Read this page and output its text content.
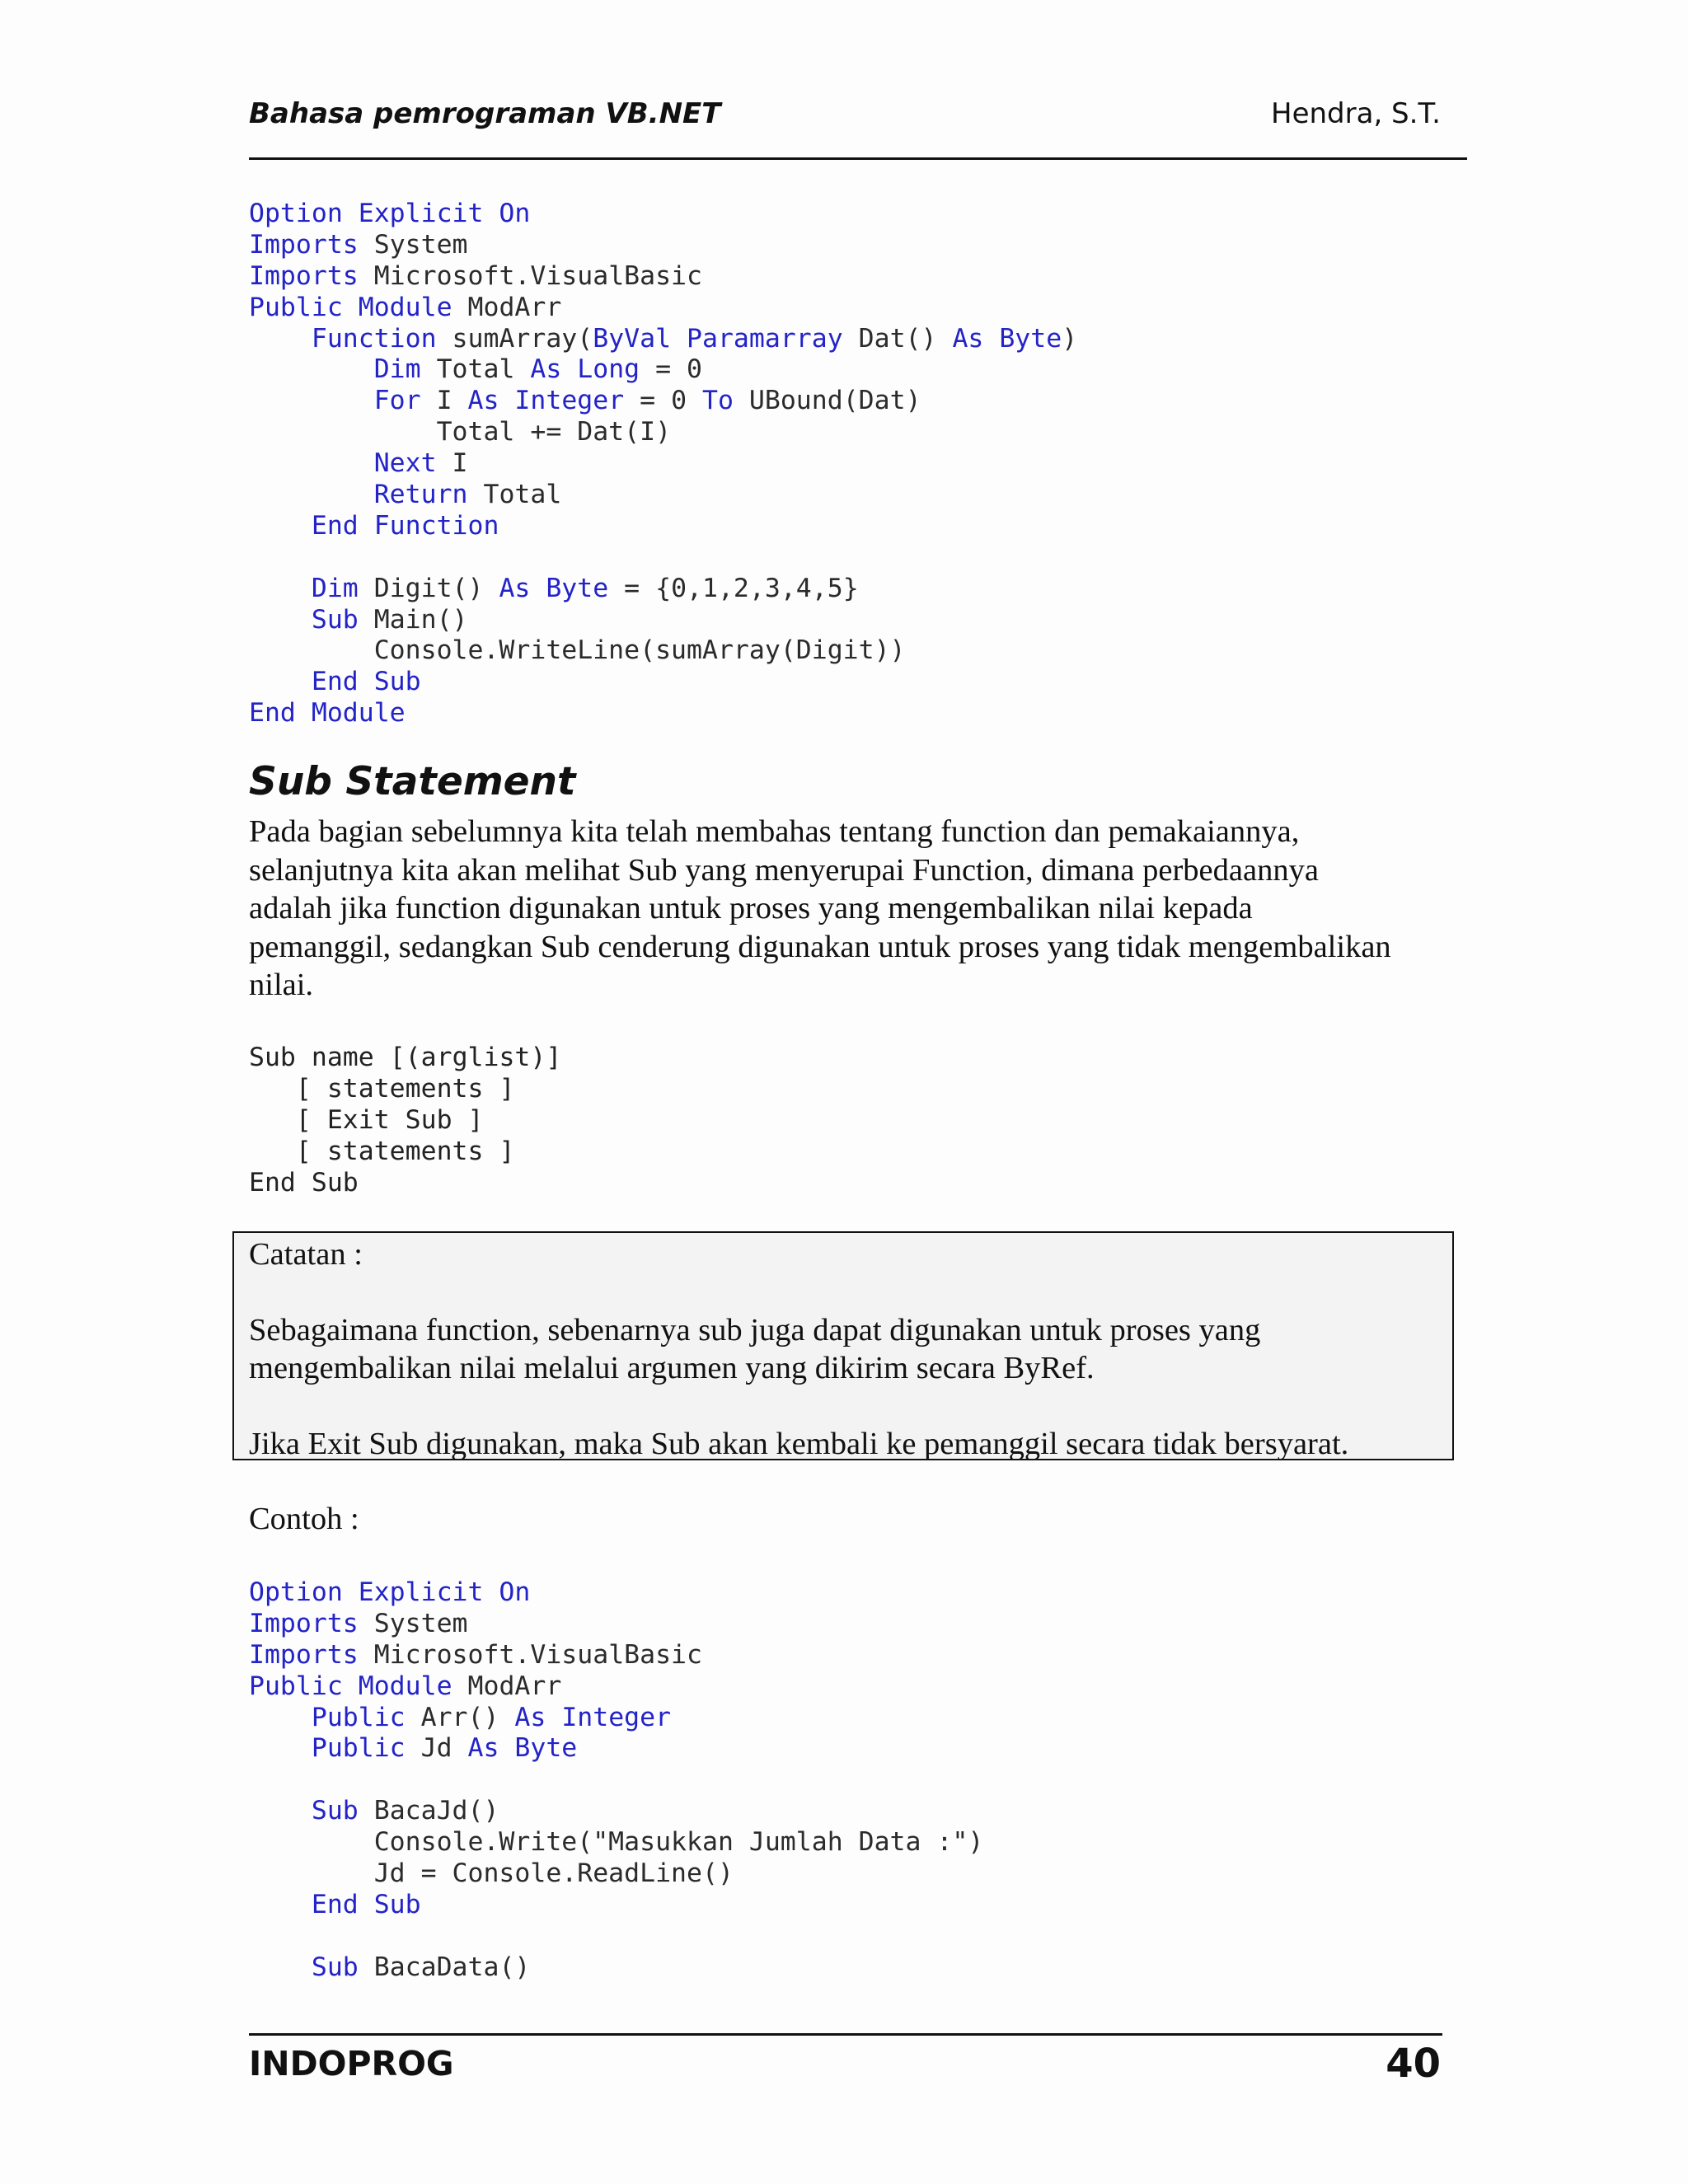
Bahasa pemrograman VB.NET	Hendra, S.T.
Option Explicit On
Imports System
Imports Microsoft.VisualBasic
Public Module ModArr
Function sumArray(ByVal Paramarray Dat() As Byte)
Dim Total As Long = 0
For I As Integer = 0 To UBound(Dat)
Total += Dat(I)
Next I
Return Total
End Function
Dim Digit() As Byte = {0,1,2,3,4,5}
Sub Main()
Console.WriteLine(sumArray(Digit))
End Sub
End Module
Sub Statement
Pada bagian sebelumnya kita telah membahas tentang function dan pemakaiannya,
selanjutnya kita akan melihat Sub yang menyerupai Function, dimana perbedaannya
adalah jika function digunakan untuk proses yang mengembalikan nilai kepada
pemanggil, sedangkan Sub cenderung digunakan untuk proses yang tidak mengembalikan
nilai.
Sub name [(arglist)]
[ statements ]
[ Exit Sub ]
[ statements ]
End Sub
Catatan :
Sebagaimana function, sebenarnya sub juga dapat digunakan untuk proses yang
mengembalikan nilai melalui argumen yang dikirim secara ByRef.
Jika Exit Sub digunakan, maka Sub akan kembali ke pemanggil secara tidak bersyarat.
Contoh :
Option Explicit On
Imports System
Imports Microsoft.VisualBasic
Public Module ModArr
Public Arr() As Integer
Public Jd As Byte
Sub BacaJd()
Console.Write("Masukkan Jumlah Data :")
Jd = Console.ReadLine()
End Sub
Sub BacaData()
INDOPROG	40
